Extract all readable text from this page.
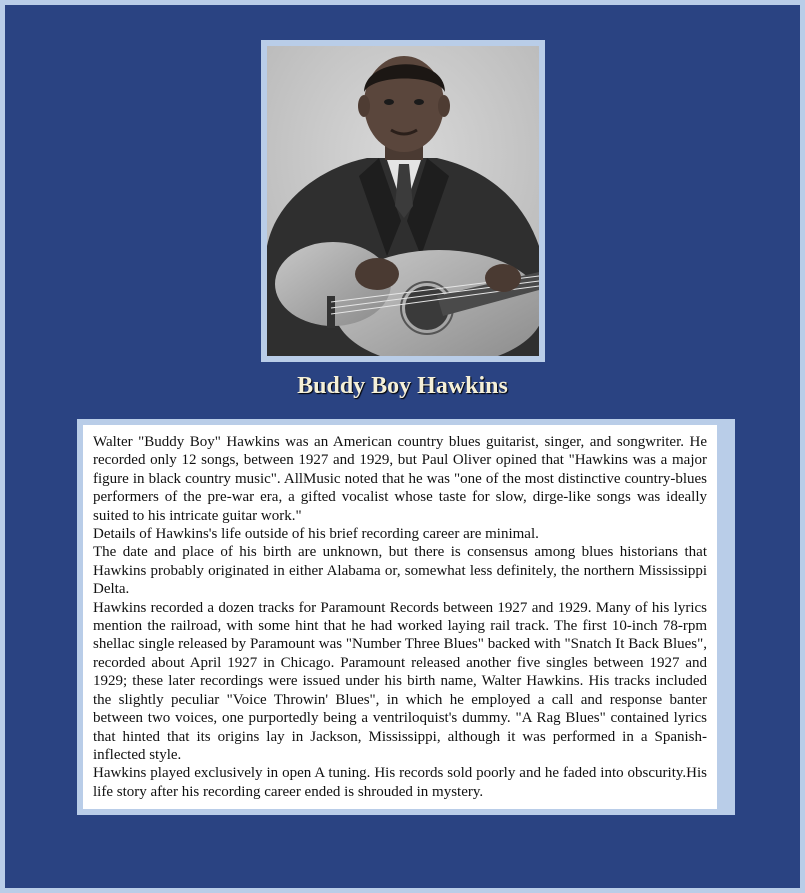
Buddy Boy Hawkins

Walter "Buddy Boy" Hawkins was an American country blues guitarist, singer, and songwriter. He recorded only 12 songs, between 1927 and 1929, but Paul Oliver opined that "Hawkins was a major figure in black country music". AllMusic noted that he was "one of the most distinctive country-blues performers of the pre-war era, a gifted vocalist whose taste for slow, dirge-like songs was ideally suited to his intricate guitar work."

Details of Hawkins's life outside of his brief recording career are minimal.

The date and place of his birth are unknown, but there is consensus among blues historians that Hawkins probably originated in either Alabama or, somewhat less definitely, the northern Mississippi Delta.

Hawkins recorded a dozen tracks for Paramount Records between 1927 and 1929. Many of his lyrics mention the railroad, with some hint that he had worked laying rail track. The first 10-inch 78-rpm shellac single released by Paramount was "Number Three Blues" backed with "Snatch It Back Blues", recorded about April 1927 in Chicago. Paramount released another five singles between 1927 and 1929; these later recordings were issued under his birth name, Walter Hawkins. His tracks included the slightly peculiar "Voice Throwin' Blues", in which he employed a call and response banter between two voices, one purportedly being a ventriloquist's dummy. "A Rag Blues" contained lyrics that hinted that its origins lay in Jackson, Mississippi, although it was performed in a Spanish-inflected style.

Hawkins played exclusively in open A tuning. His records sold poorly and he faded into obscurity.His life story after his recording career ended is shrouded in mystery.
